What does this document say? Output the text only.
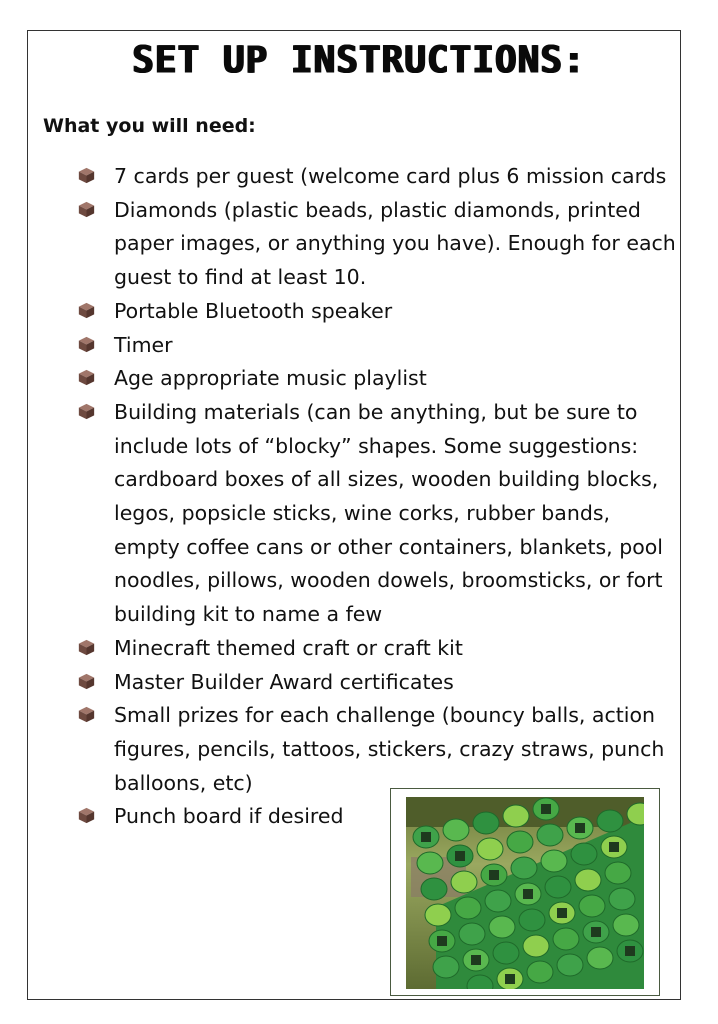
SET UP INSTRUCTIONS:
What you will need:
7 cards per guest (welcome card plus 6 mission cards
Diamonds (plastic beads, plastic diamonds, printed paper images, or anything you have). Enough for each guest to find at least 10.
Portable Bluetooth speaker
Timer
Age appropriate music playlist
Building materials (can be anything, but be sure to include lots of “blocky” shapes. Some suggestions: cardboard boxes of all sizes, wooden building blocks, legos, popsicle sticks, wine corks, rubber bands, empty coffee cans or other containers, blankets, pool noodles, pillows, wooden dowels, broomsticks, or fort building kit to name a few
Minecraft themed craft or craft kit
Master Builder Award certificates
Small prizes for each challenge (bouncy balls, action figures, pencils, tattoos, stickers, crazy straws, punch balloons, etc)
Punch board if desired
